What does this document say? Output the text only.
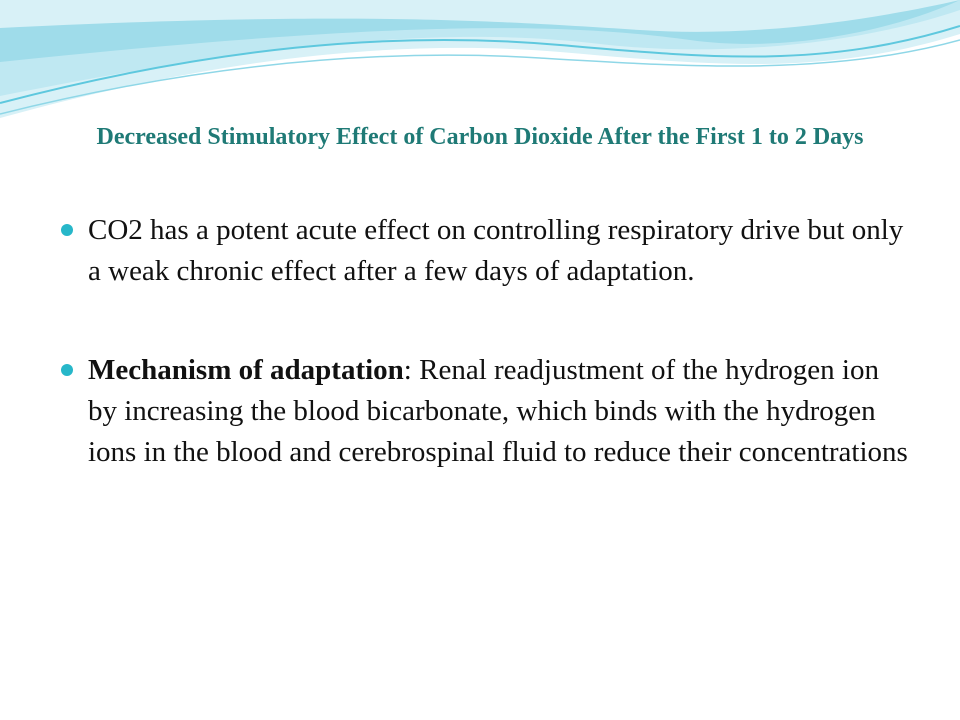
Decreased Stimulatory Effect of Carbon Dioxide After the First 1 to 2 Days
CO2 has a potent acute effect on controlling respiratory drive but only a weak chronic effect after a few days of adaptation.
Mechanism of adaptation: Renal readjustment of the hydrogen ion by increasing the blood bicarbonate, which binds with the hydrogen ions in the blood and cerebrospinal fluid to reduce their concentrations
